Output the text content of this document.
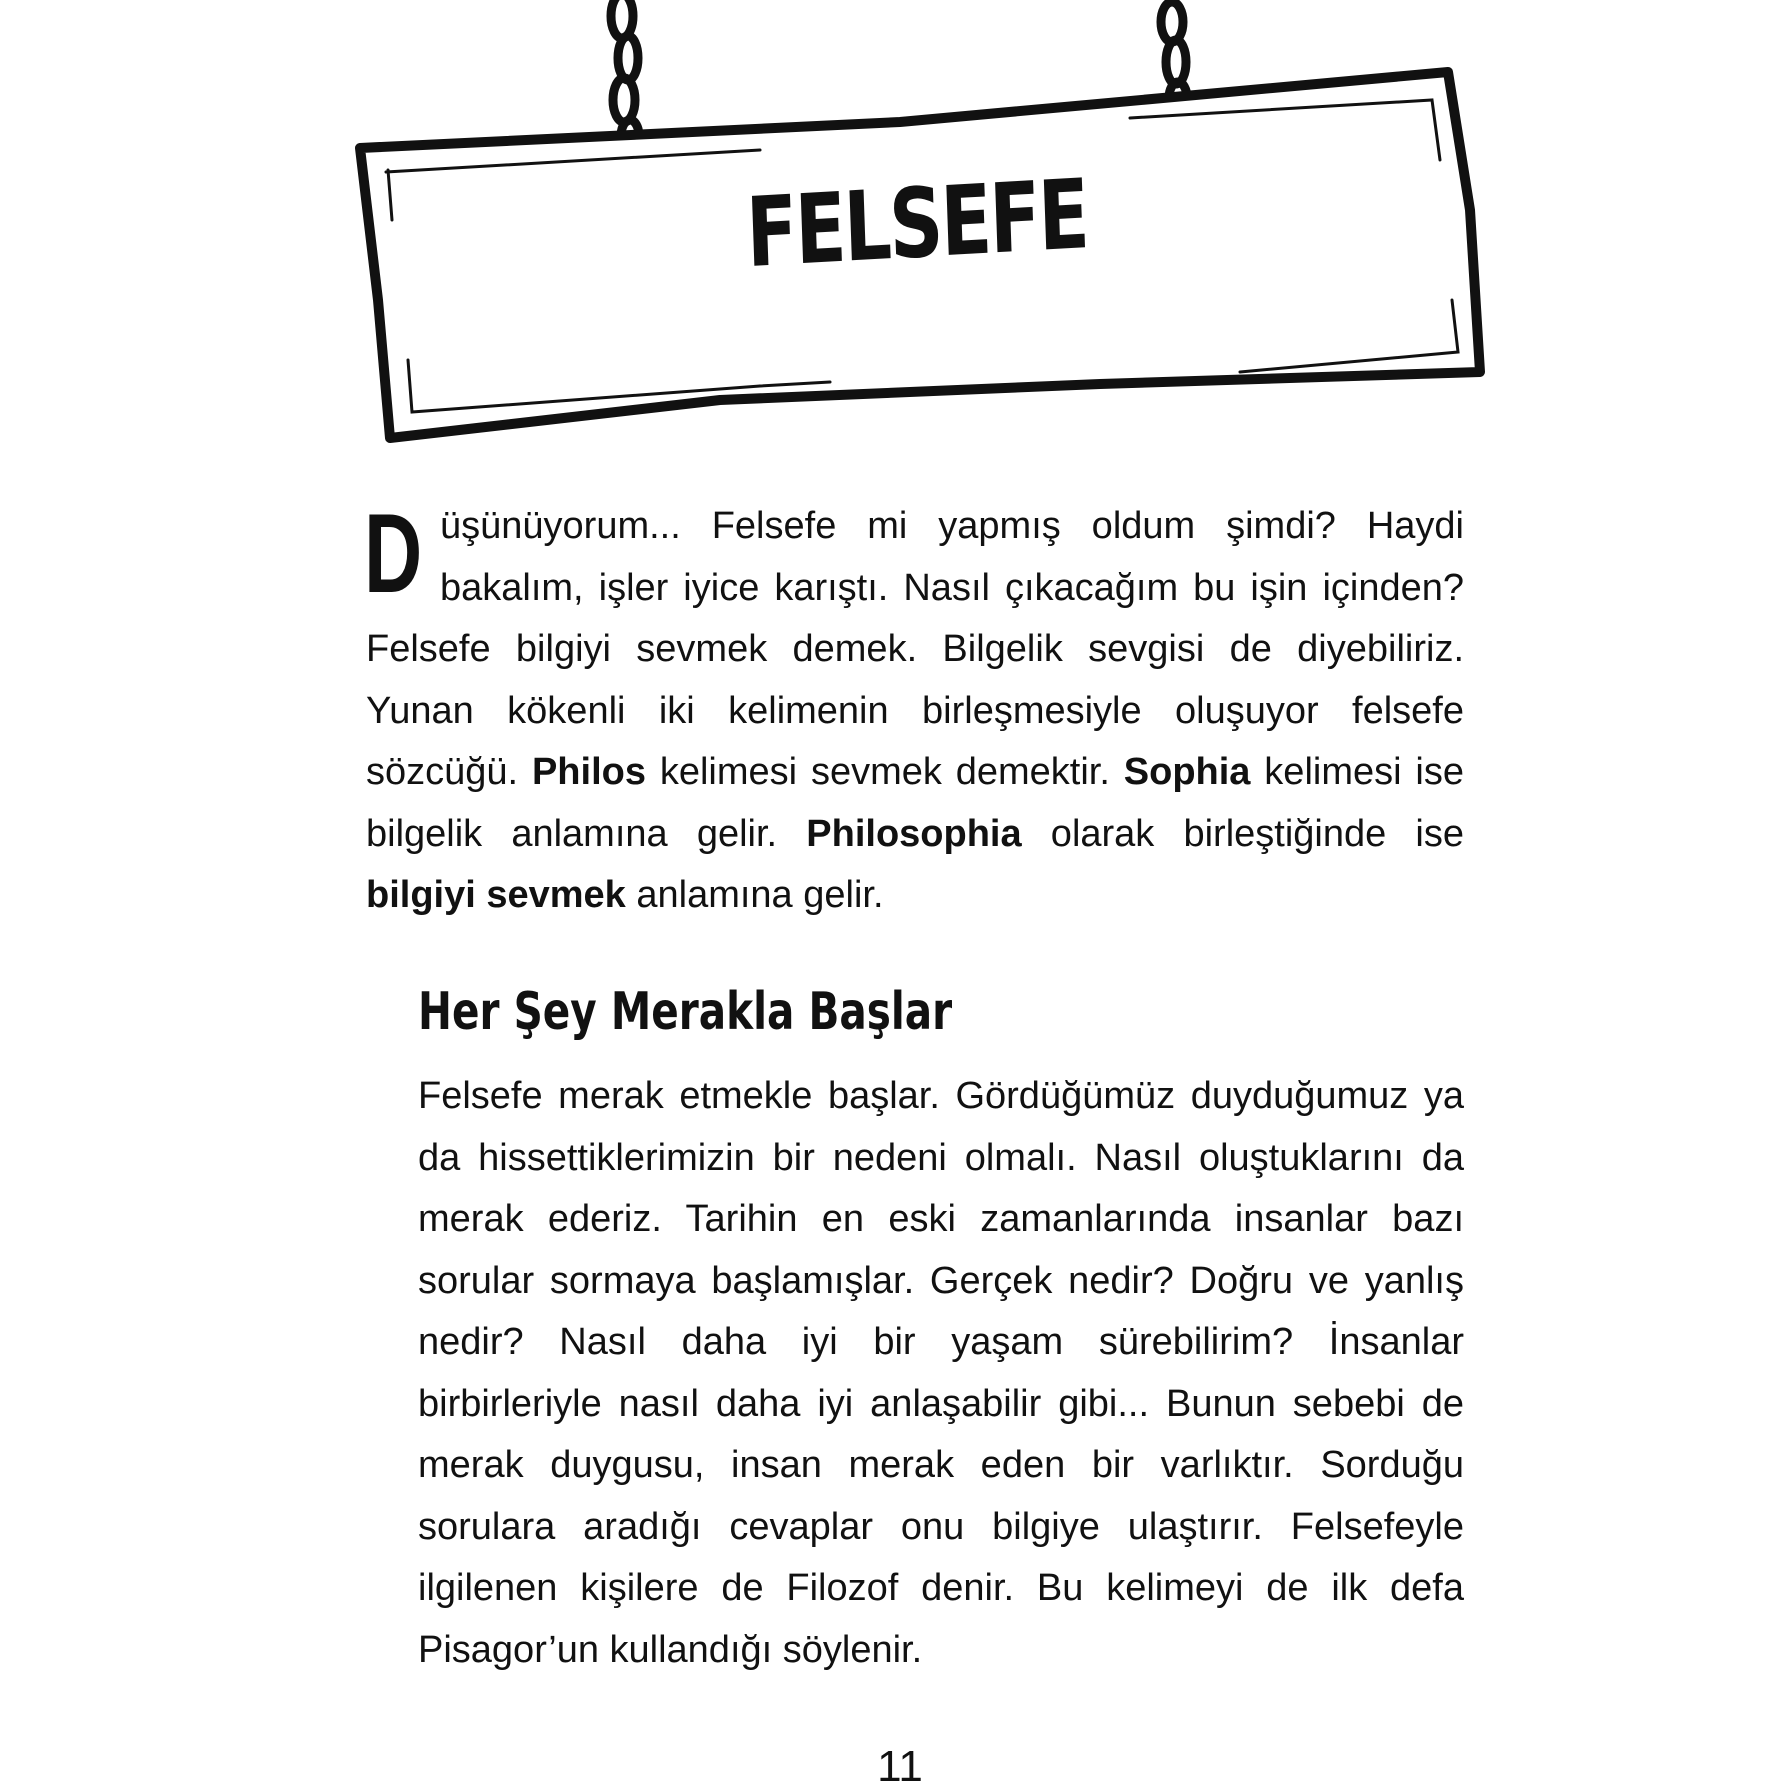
FELSEFE
Düşünüyorum... Felsefe mi yapmış oldum şimdi? Haydi bakalım, işler iyice karıştı. Nasıl çıkacağım bu işin içinden? Felsefe bilgiyi sevmek demek. Bilgelik sevgisi de diyebiliriz. Yunan kökenli iki kelimenin birleşmesiyle oluşuyor felsefe sözcüğü. Philos kelimesi sevmek demektir. Sophia kelimesi ise bilgelik anlamına gelir. Philosophia olarak birleştiğinde ise bilgiyi sevmek anlamına gelir.
Her Şey Merakla Başlar
Felsefe merak etmekle başlar. Gördüğümüz duyduğumuz ya da hissettiklerimizin bir nedeni olmalı. Nasıl oluştuklarını da merak ederiz. Tarihin en eski zamanlarında insanlar bazı sorular sormaya başlamışlar. Gerçek nedir? Doğru ve yanlış nedir? Nasıl daha iyi bir yaşam sürebilirim? İnsanlar birbirleriyle nasıl daha iyi anlaşabilir gibi... Bunun sebebi de merak duygusu, insan merak eden bir varlıktır. Sorduğu sorulara aradığı cevaplar onu bilgiye ulaştırır. Felsefeyle ilgilenen kişilere de Filozof denir. Bu kelimeyi de ilk defa Pisagor’un kullandığı söylenir.
11
